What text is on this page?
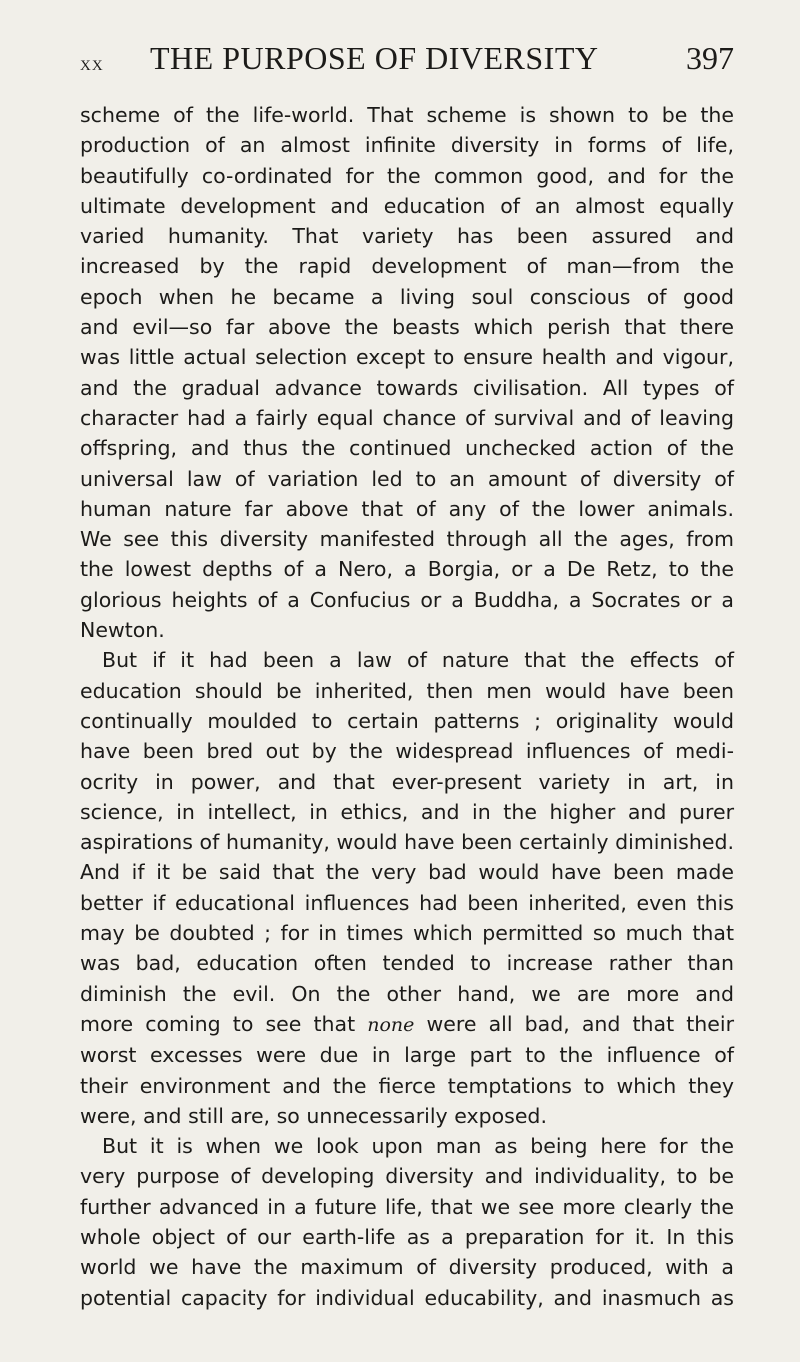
XX THE PURPOSE OF DIVERSITY	397
scheme of the life-world. That scheme is shown to be the
production of an almost infinite diversity in forms of life,
beautifully co-ordinated for the common good, and for the
ultimate development and education of an almost equally
varied humanity. That variety has been assured and
increased by the rapid development of man—from the
epoch when he became a living soul conscious of good
and evil—so far above the beasts which perish that there
was little actual selection except to ensure health and vigour,
and the gradual advance towards civilisation. All types of
character had a fairly equal chance of survival and of leaving
offspring, and thus the continued unchecked action of the
universal law of variation led to an amount of diversity of
human nature far above that of any of the lower animals.
We see this diversity manifested through all the ages, from
the lowest depths of a Nero, a Borgia, or a De Retz, to the
glorious heights of a Confucius or a Buddha, a Socrates or a
Newton.
But if it had been a law of nature that the effects of
education should be inherited, then men would have been
continually moulded to certain patterns ; originality would
have been bred out by the widespread influences of medi-
ocrity in power, and that ever-present variety in art, in
science, in intellect, in ethics, and in the higher and purer
aspirations of humanity, would have been certainly diminished.
And if it be said that the very bad would have been made
better if educational influences had been inherited, even this
may be doubted ; for in times which permitted so much that
was bad, education often tended to increase rather than
diminish the evil. On the other hand, we are more and
more coming to see that none were all bad, and that their
worst excesses were due in large part to the influence of
their environment and the fierce temptations to which they
were, and still are, so unnecessarily exposed.
But it is when we look upon man as being here for the
very purpose of developing diversity and individuality, to be
further advanced in a future life, that we see more clearly the
whole object of our earth-life as a preparation for it. In this
world we have the maximum of diversity produced, with a
potential capacity for individual educability, and inasmuch as
